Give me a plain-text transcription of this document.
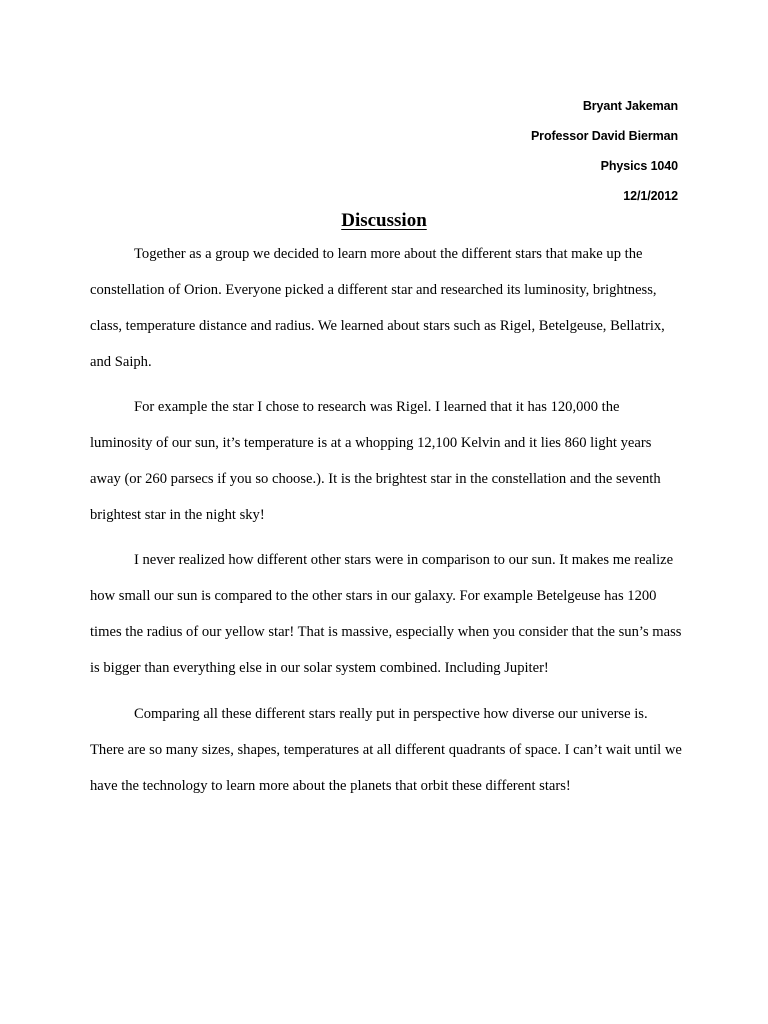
Bryant Jakeman
Professor David Bierman
Physics 1040
12/1/2012
Discussion

Together as a group we decided to learn more about the different stars that make up the constellation of Orion. Everyone picked a different star and researched its luminosity, brightness, class, temperature distance and radius. We learned about stars such as Rigel, Betelgeuse, Bellatrix, and Saiph.

For example the star I chose to research was Rigel. I learned that it has 120,000 the luminosity of our sun, it’s temperature is at a whopping 12,100 Kelvin and it lies 860 light years away (or 260 parsecs if you so choose.). It is the brightest star in the constellation and the seventh brightest star in the night sky!

I never realized how different other stars were in comparison to our sun. It makes me realize how small our sun is compared to the other stars in our galaxy. For example Betelgeuse has 1200 times the radius of our yellow star! That is massive, especially when you consider that the sun’s mass is bigger than everything else in our solar system combined. Including Jupiter!

Comparing all these different stars really put in perspective how diverse our universe is. There are so many sizes, shapes, temperatures at all different quadrants of space. I can’t wait until we have the technology to learn more about the planets that orbit these different stars!
